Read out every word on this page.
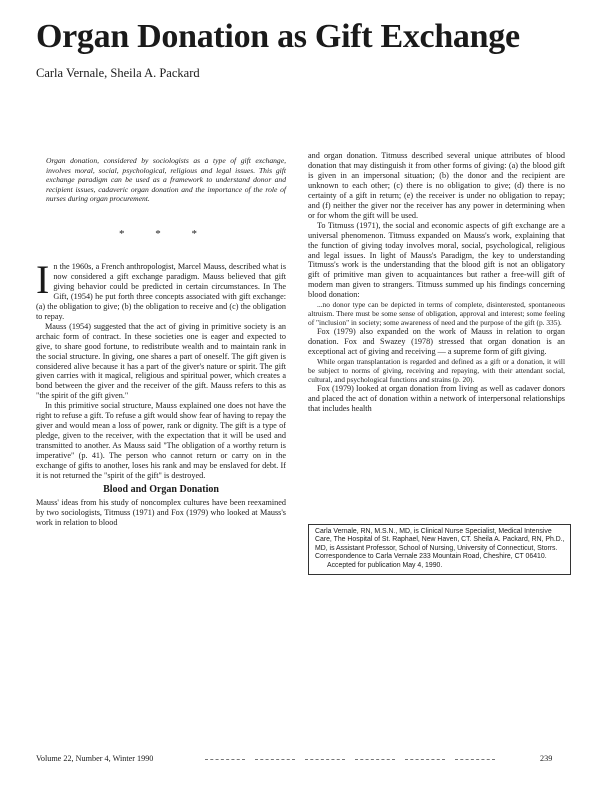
Organ Donation as Gift Exchange

Carla Vernale, Sheila A. Packard

Organ donation, considered by sociologists as a type of gift exchange, involves moral, social, psychological, religious and legal issues. This gift exchange paradigm can be used as a framework to understand donor and recipient issues, cadaveric organ donation and the importance of the role of nurses during organ procurement.

* * *

In the 1960s, a French anthropologist, Marcel Mauss, described what is now considered a gift exchange paradigm. Mauss believed that gift giving behavior could be predicted in certain circumstances. In The Gift, (1954) he put forth three concepts associated with gift exchange: (a) the obligation to give; (b) the obligation to receive and (c) the obligation to repay.

Mauss (1954) suggested that the act of giving in primitive society is an archaic form of contract. In these societies one is eager and expected to give, to share good fortune, to redistribute wealth and to maintain rank in the social structure. In giving, one shares a part of oneself. The gift given is considered alive because it has a part of the giver's nature or spirit. The gift given carries with it magical, religious and spiritual power, which creates a bond between the giver and the receiver of the gift. Mauss refers to this as "the spirit of the gift given."

In this primitive social structure, Mauss explained one does not have the right to refuse a gift. To refuse a gift would show fear of having to repay the giver and would mean a loss of power, rank or dignity. The gift is a type of pledge, given to the receiver, with the expectation that it will be used and transmitted to another. As Mauss said "The obligation of a worthy return is imperative" (p. 41). The person who cannot return or carry on in the exchange of gifts to another, loses his rank and may be enslaved for debt. If it is not returned the "spirit of the gift" is destroyed.

Blood and Organ Donation

Mauss' ideas from his study of noncomplex cultures have been reexamined by two sociologists, Titmuss (1971) and Fox (1979) who looked at Mauss's work in relation to blood

and organ donation. Titmuss described several unique attributes of blood donation that may distinguish it from other forms of giving: (a) the blood gift is given in an impersonal situation; (b) the donor and the recipient are unknown to each other; (c) there is no obligation to give; (d) there is no certainty of a gift in return; (e) the receiver is under no obligation to repay; and (f) neither the giver nor the receiver has any power in determining when or for whom the gift will be used.

To Titmuss (1971), the social and economic aspects of gift exchange are a universal phenomenon. Titmuss expanded on Mauss's work, explaining that the function of giving today involves moral, social, psychological, religious and legal issues. In light of Mauss's Paradigm, the key to understanding Titmuss's work is the understanding that the blood gift is not an obligatory gift of primitive man given to acquaintances but rather a free-will gift of modern man given to strangers. Titmuss summed up his findings concerning blood donation:

...no donor type can be depicted in terms of complete, disinterested, spontaneous altruism. There must be some sense of obligation, approval and interest; some feeling of "inclusion" in society; some awareness of need and the purpose of the gift (p. 335).

Fox (1979) also expanded on the work of Mauss in relation to organ donation. Fox and Swazey (1978) stressed that organ donation is an exceptional act of giving and receiving — a supreme form of gift giving.

While organ transplantation is regarded and defined as a gift or a donation, it will be subject to norms of giving, receiving and repaying, with their attendant social, cultural, and psychological functions and strains (p. 20).

Fox (1979) looked at organ donation from living as well as cadaver donors and placed the act of donation within a network of interpersonal relationships that includes health

Carla Vernale, RN, M.S.N., MD, is Clinical Nurse Specialist, Medical Intensive Care, The Hospital of St. Raphael, New Haven, CT. Sheila A. Packard, RN, Ph.D., MD, is Assistant Professor, School of Nursing, University of Connecticut, Storrs. Correspondence to Carla Vernale 233 Mountain Road, Cheshire, CT 06410.

Accepted for publication May 4, 1990.

Volume 22, Number 4, Winter 1990	239
